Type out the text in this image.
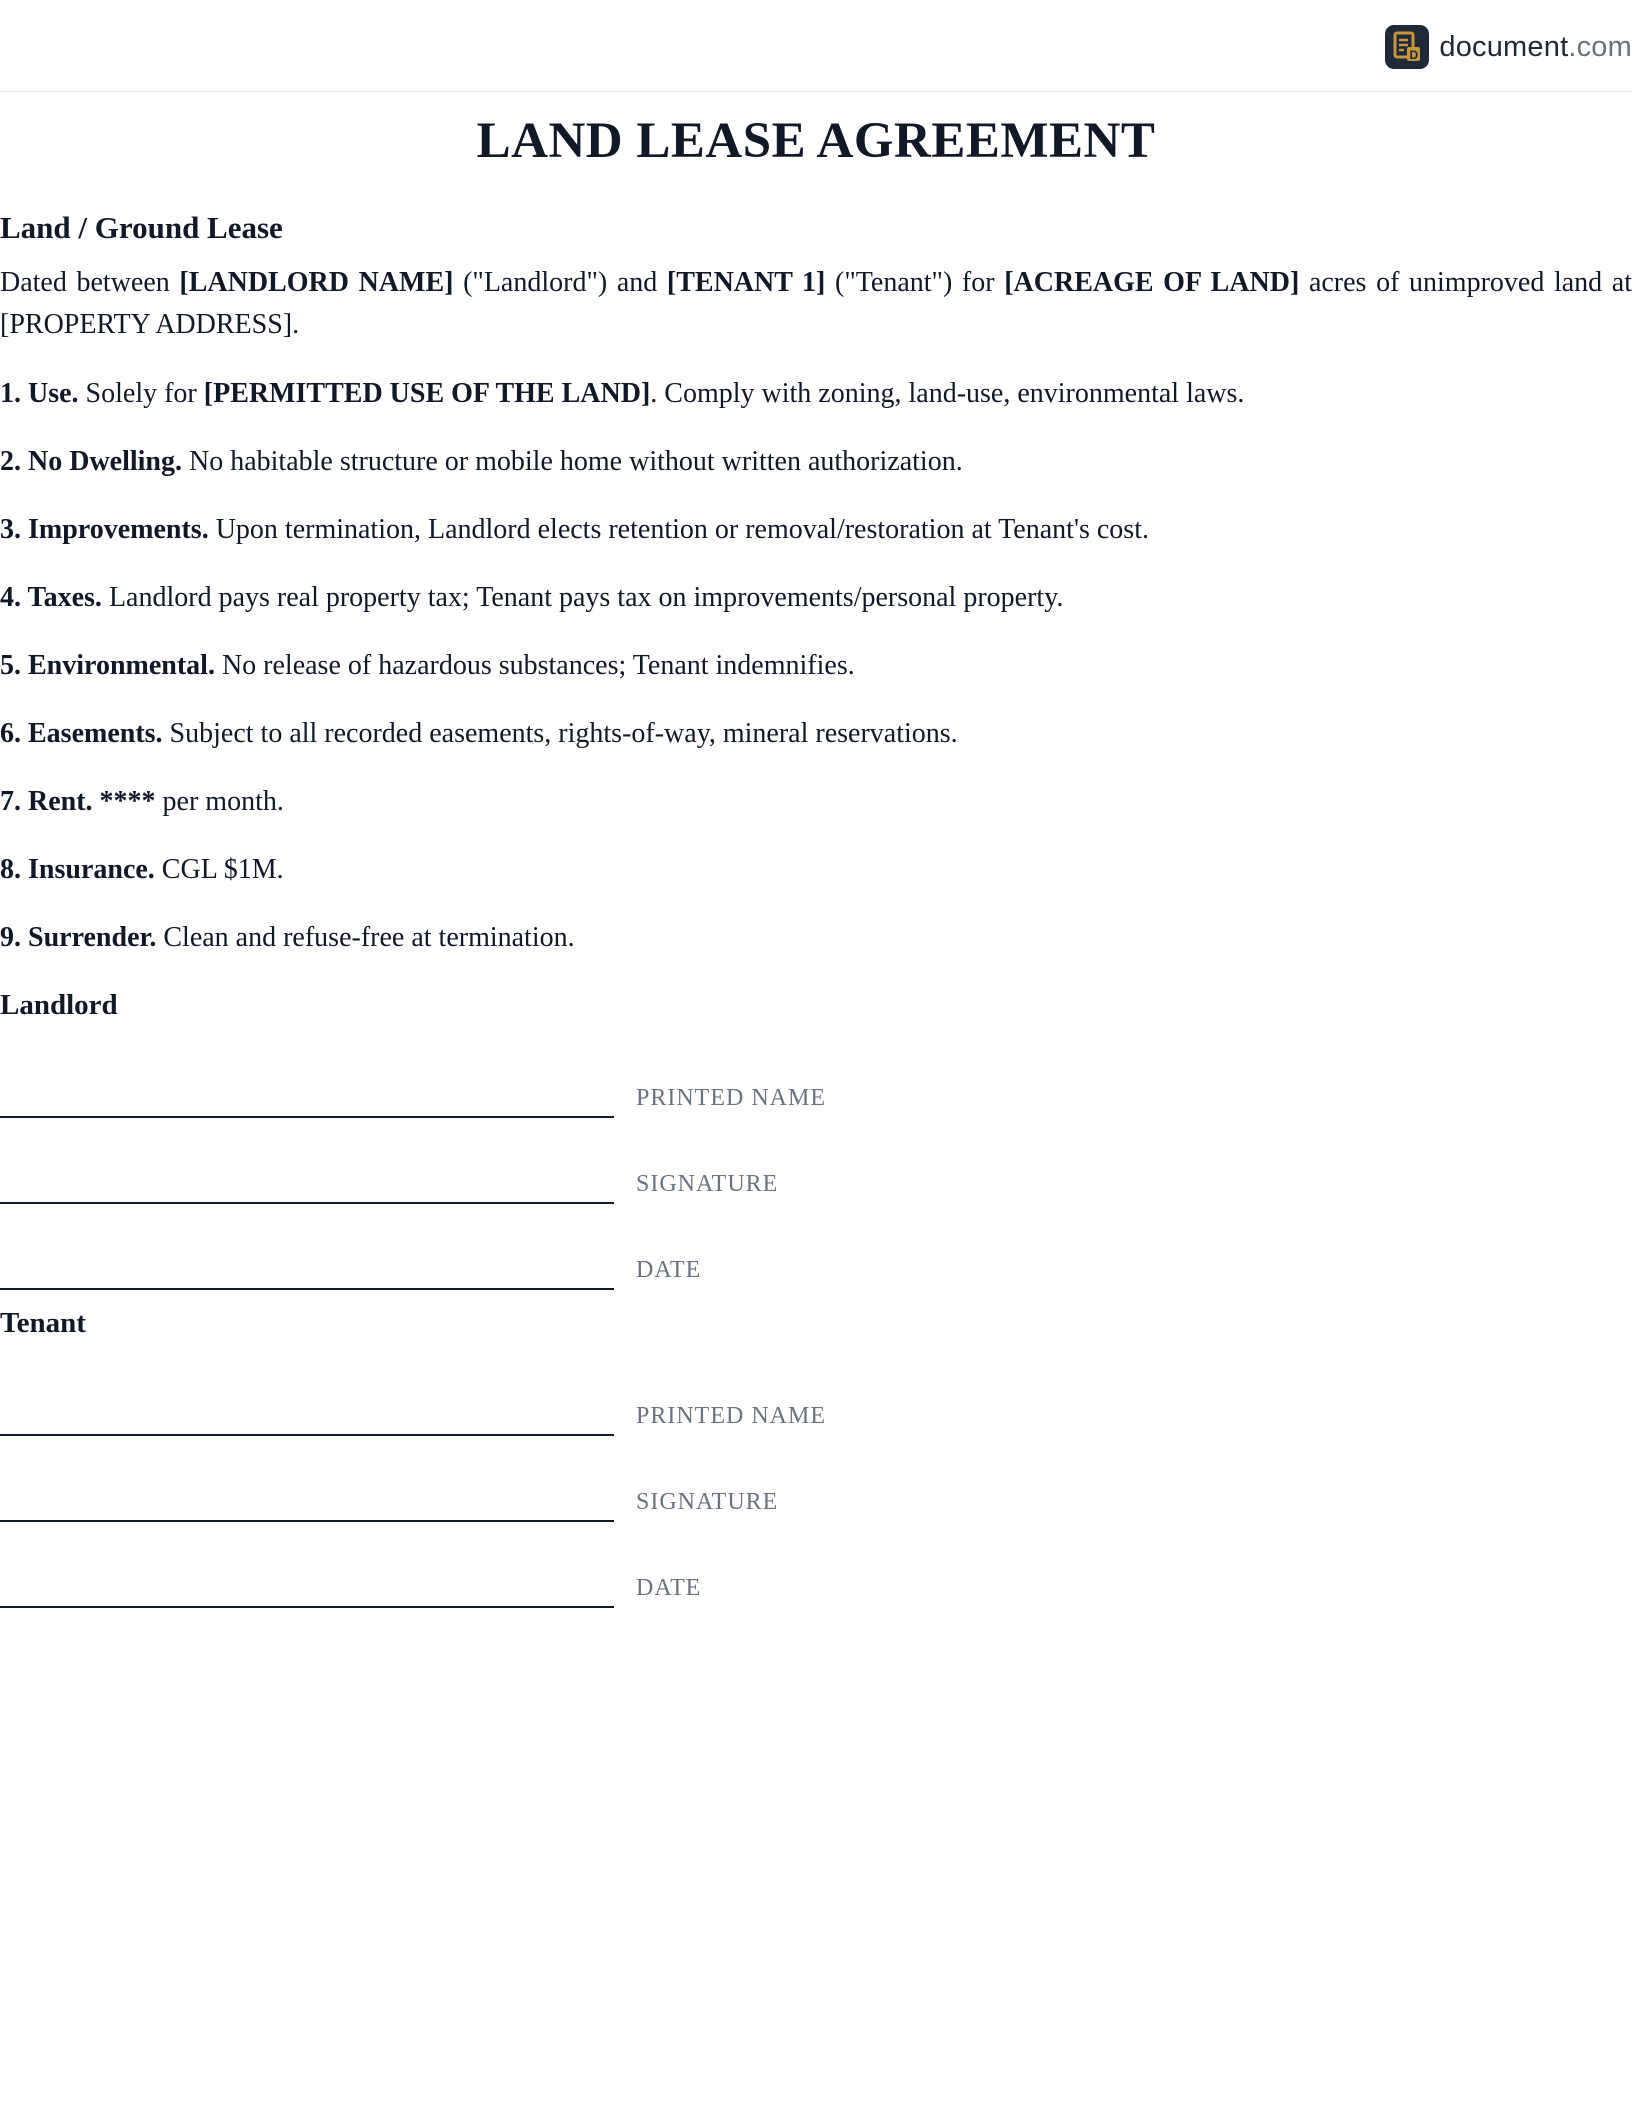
D document.com
LAND LEASE AGREEMENT
Land / Ground Lease

Dated between [LANDLORD NAME] ("Landlord") and [TENANT 1] ("Tenant") for [ACREAGE OF LAND] acres of unimproved land at [PROPERTY ADDRESS].

1. Use. Solely for [PERMITTED USE OF THE LAND]. Comply with zoning, land-use, environmental laws.

2. No Dwelling. No habitable structure or mobile home without written authorization.

3. Improvements. Upon termination, Landlord elects retention or removal/restoration at Tenant's cost.

4. Taxes. Landlord pays real property tax; Tenant pays tax on improvements/personal property.

5. Environmental. No release of hazardous substances; Tenant indemnifies.

6. Easements. Subject to all recorded easements, rights-of-way, mineral reservations.

7. Rent. **** per month.

8. Insurance. CGL $1M.

9. Surrender. Clean and refuse-free at termination.

Landlord
PRINTED NAME
SIGNATURE
DATE
Tenant
PRINTED NAME
SIGNATURE
DATE
